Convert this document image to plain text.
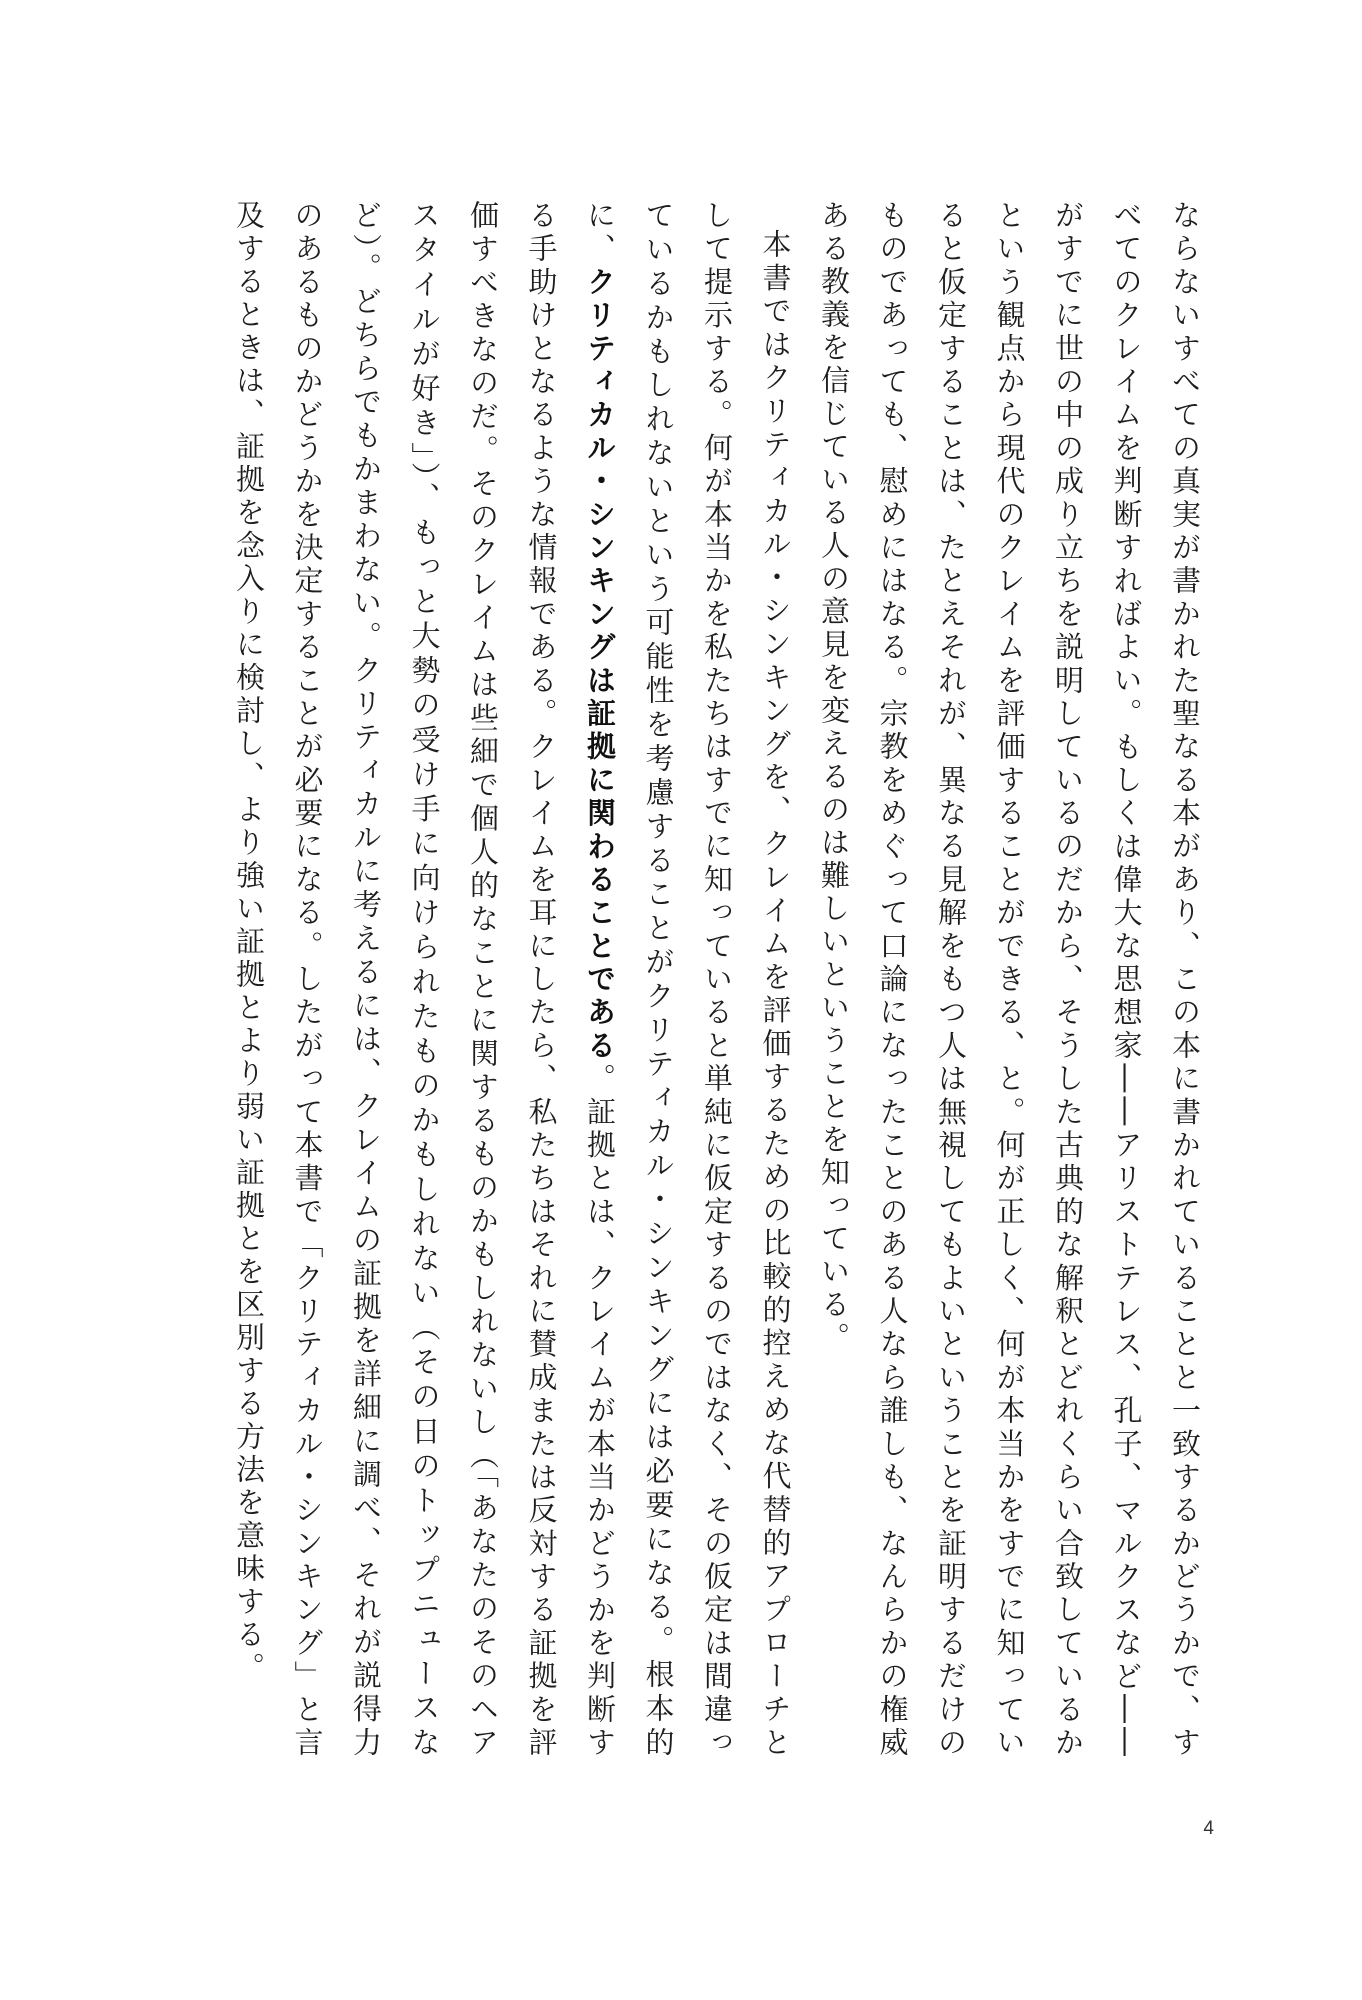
ならないすべての真実が書かれた聖なる本があり、この本に書かれていることと一致するかどうかで、すべてのクレイムを判断すればよい。もしくは偉大な思想家――アリストテレス、孔子、マルクスなど――がすでに世の中の成り立ちを説明しているのだから、そうした古典的な解釈とどれくらい合致しているかという観点から現代のクレイムを評価することができる、と。何が正しく、何が本当かをすでに知っていると仮定することは、たとえそれが、異なる見解をもつ人は無視してもよいということを証明するだけのものであっても、慰めにはなる。宗教をめぐって口論になったことのある人なら誰しも、なんらかの権威ある教義を信じている人の意見を変えるのは難しいということを知っている。

本書ではクリティカル・シンキングを、クレイムを評価するための比較的控えめな代替的アプローチとして提示する。何が本当かを私たちはすでに知っていると単純に仮定するのではなく、その仮定は間違っているかもしれないという可能性を考慮することがクリティカル・シンキングには必要になる。根本的に、クリティカル・シンキングは証拠に関わることである。証拠とは、クレイムが本当かどうかを判断する手助けとなるような情報である。クレイムを耳にしたら、私たちはそれに賛成または反対する証拠を評価すべきなのだ。そのクレイムは些細で個人的なことに関するものかもしれないし（「あなたのそのヘアスタイルが好き」）、もっと大勢の受け手に向けられたものかもしれない（その日のトップニュースなど）。どちらでもかまわない。クリティカルに考えるには、クレイムの証拠を詳細に調べ、それが説得力のあるものかどうかを決定することが必要になる。したがって本書で「クリティカル・シンキング」と言及するときは、証拠を念入りに検討し、より強い証拠とより弱い証拠とを区別する方法を意味する。

4
